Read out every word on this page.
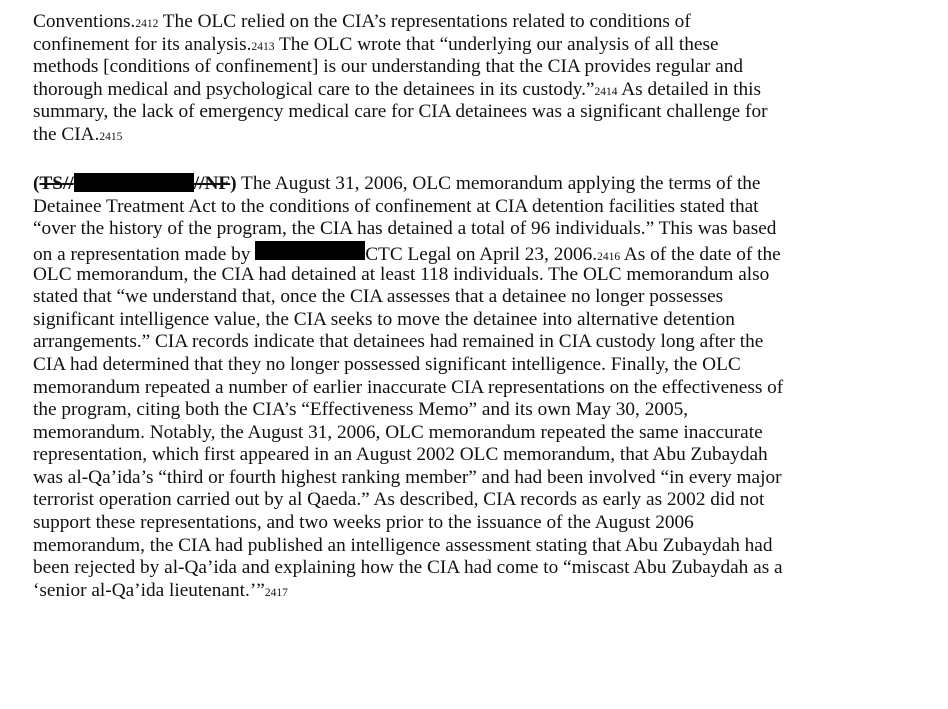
Conventions. 2412 The OLC relied on the CIA’s representations related to conditions of
confinement for its analysis. 2413 The OLC wrote that “underlying our analysis of all these
methods [conditions of confinement] is our understanding that the CIA provides regular and
thorough medical and psychological care to the detainees in its custody.” 2414 As detailed in this
summary, the lack of emergency medical care for CIA detainees was a significant challenge for
the CIA. 2415
(TS//	//NF) The August 31, 2006, OLC memorandum applying the terms of the
Detainee Treatment Act to the conditions of confinement at CIA detention facilities stated that
“over the history of the program, the CIA has detained a total of 96 individuals.” This was based
on a representation made by	CTC Legal on April 23, 2006. 2416 As of the date of the
OLC memorandum, the CIA had detained at least 118 individuals. The OLC memorandum also
stated that “we understand that, once the CIA assesses that a detainee no longer possesses
significant intelligence value, the CIA seeks to move the detainee into alternative detention
arrangements.” CIA records indicate that detainees had remained in CIA custody long after the
CIA had determined that they no longer possessed significant intelligence. Finally, the OLC
memorandum repeated a number of earlier inaccurate CIA representations on the effectiveness of
the program, citing both the CIA’s “Effectiveness Memo” and its own May 30, 2005,
memorandum. Notably, the August 31, 2006, OLC memorandum repeated the same inaccurate
representation, which first appeared in an August 2002 OLC memorandum, that Abu Zubaydah
was al-Qa’ida’s “third or fourth highest ranking member” and had been involved “in every major
terrorist operation carried out by al Qaeda.” As described, CIA records as early as 2002 did not
support these representations, and two weeks prior to the issuance of the August 2006
memorandum, the CIA had published an intelligence assessment stating that Abu Zubaydah had
been rejected by al-Qa’ida and explaining how the CIA had come to “miscast Abu Zubaydah as a
‘senior al-Qa’ida lieutenant.’” 2417
